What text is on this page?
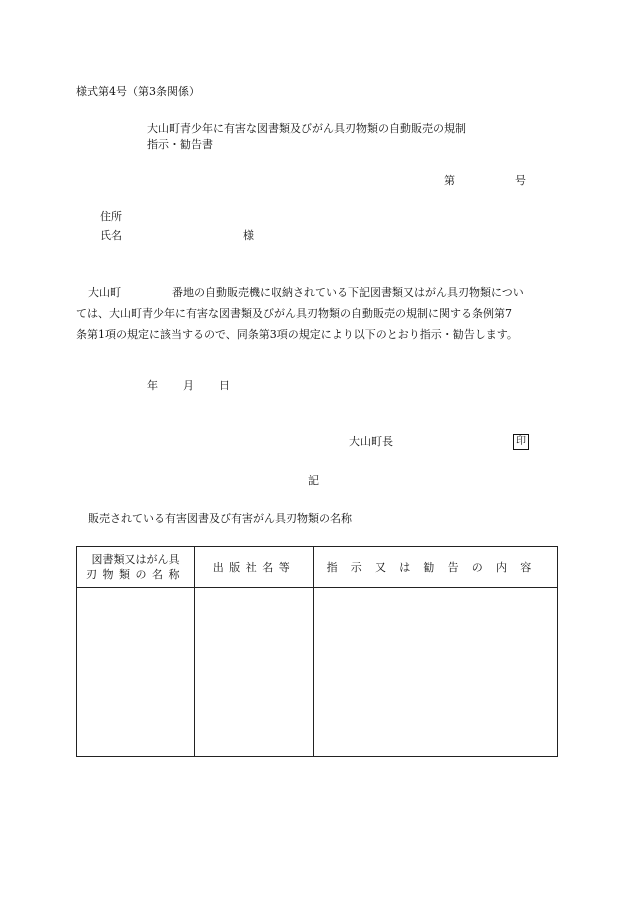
様式第4号（第3条関係）
大山町青少年に有害な図書類及びがん具刃物類の自動販売の規制
指示・勧告書
第	号
住所
氏名	様
大山町	番地の自動販売機に収納されている下記図書類又はがん具刃物類につい
ては、大山町青少年に有害な図書類及びがん具刃物類の自動販売の規制に関する条例第7
条第1項の規定に該当するので、同条第3項の規定により以下のとおり指示・勧告します。
年 月 日
大山町長	印
記
販売されている有害図書及び有害がん具刃物類の名称
図書類又はがん具
刃物類の名称	出版社名等	指示又は勧告の内容
